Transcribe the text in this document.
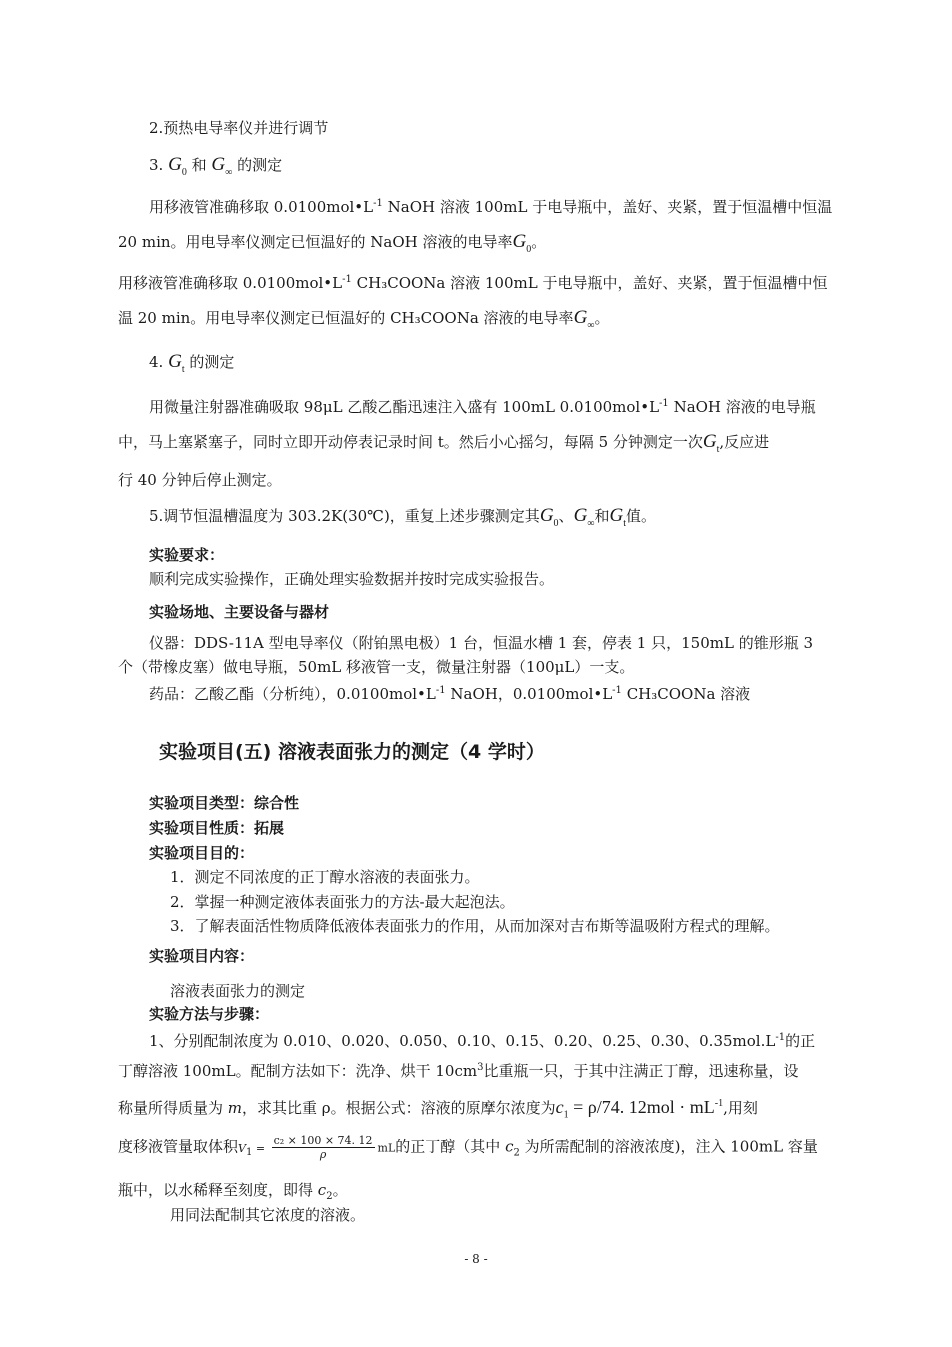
2.预热电导率仪并进行调节
3. $G_0$ 和 $G_\infty$ 的测定
用移液管准确移取 $0.0100mol•L^{-1}$ NaOH 溶液 100mL 于电导瓶中，盖好、夹紧，置于恒温槽中恒温
20 min。用电导率仪测定已恒温好的 NaOH 溶液的电导率$G_0$。
用移液管准确移取 $0.0100mol•L^{-1}$ CH₃COONa 溶液 100mL 于电导瓶中，盖好、夹紧，置于恒温槽中恒
温 20 min。用电导率仪测定已恒温好的 CH₃COONa 溶液的电导率$G_\infty$。
4. $G_t$ 的测定
用微量注射器准确吸取 98μL 乙酸乙酯迅速注入盛有 100mL $0.0100mol•L^{-1}$ NaOH 溶液的电导瓶
中，马上塞紧塞子，同时立即开动停表记录时间 t。然后小心摇匀，每隔 5 分钟测定一次$G_t$,反应进
行 40 分钟后停止测定。
5.调节恒温槽温度为 303.2K(30℃)，重复上述步骤测定其$G_0$、$G_\infty$和$G_t$值。
实验要求：
顺利完成实验操作，正确处理实验数据并按时完成实验报告。
实验场地、主要设备与器材
仪器：DDS-11A 型电导率仪（附铂黑电极）1 台，恒温水槽 1 套，停表 1 只，150mL 的锥形瓶 3
个（带橡皮塞）做电导瓶，50mL 移液管一支，微量注射器（100μL）一支。
药品：乙酸乙酯（分析纯），$0.0100mol•L^{-1}$ NaOH，$0.0100mol•L^{-1}$ CH₃COONa 溶液
实验项目(五) 溶液表面张力的测定（4 学时）
实验项目类型：综合性
实验项目性质：拓展
实验项目目的：
1．测定不同浓度的正丁醇水溶液的表面张力。
2．掌握一种测定液体表面张力的方法-最大起泡法。
3．了解表面活性物质降低液体表面张力的作用，从而加深对吉布斯等温吸附方程式的理解。
实验项目内容：
溶液表面张力的测定
实验方法与步骤：
1、分别配制浓度为 0.010、0.020、0.050、0.10、0.15、0.20、0.25、0.30、$0.35mol.L^{-1}$的正
丁醇溶液 100mL。配制方法如下：洗净、烘干 $10cm^3$比重瓶一只，于其中注满正丁醇，迅速称量，设
称量所得质量为 m，求其比重 ρ。根据公式：溶液的原摩尔浓度为$c_1 = \rho/74$. $12mol \cdot mL^{-1}$,用刻
度移液管量取体积$V_1 = \frac{\text{c₂ × 100 × 74. 12}}{\rho}$ mL的正丁醇（其中 $c_2$ 为所需配制的溶液浓度)，注入 100mL 容量
瓶中，以水稀释至刻度，即得 $c_2$。
用同法配制其它浓度的溶液。
- 8 -
